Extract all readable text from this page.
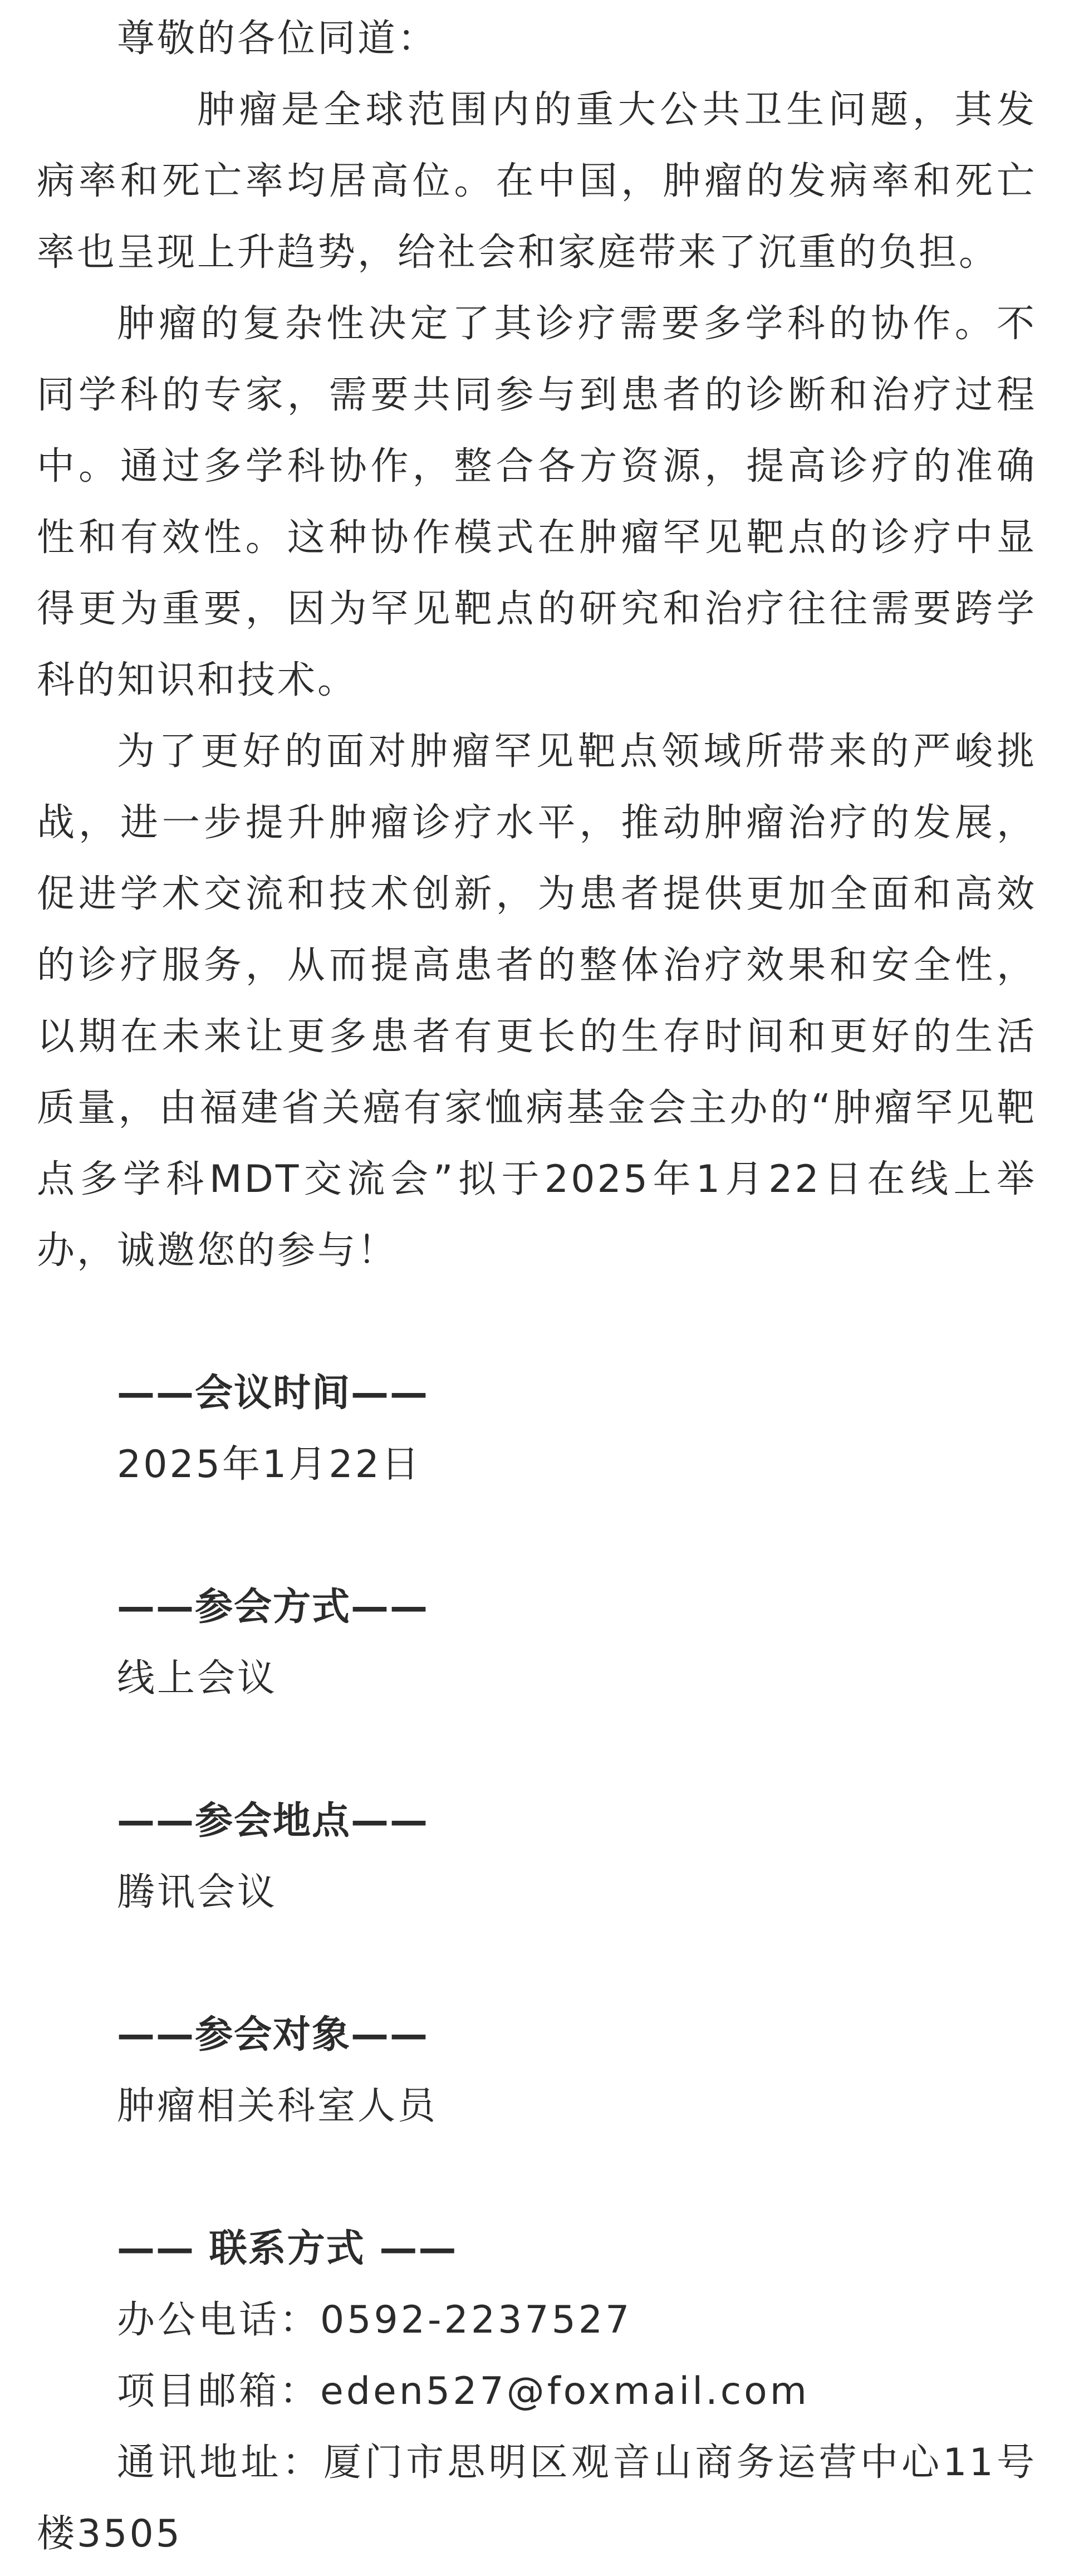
尊敬的各位同道：

肿瘤是全球范围内的重大公共卫生问题，其发病率和死亡率均居高位。在中国，肿瘤的发病率和死亡率也呈现上升趋势，给社会和家庭带来了沉重的负担。

肿瘤的复杂性决定了其诊疗需要多学科的协作。不同学科的专家，需要共同参与到患者的诊断和治疗过程中。通过多学科协作，整合各方资源，提高诊疗的准确性和有效性。这种协作模式在肿瘤罕见靶点的诊疗中显得更为重要，因为罕见靶点的研究和治疗往往需要跨学科的知识和技术。

为了更好的面对肿瘤罕见靶点领域所带来的严峻挑战，进一步提升肿瘤诊疗水平，推动肿瘤治疗的发展，促进学术交流和技术创新，为患者提供更加全面和高效的诊疗服务，从而提高患者的整体治疗效果和安全性，以期在未来让更多患者有更长的生存时间和更好的生活质量，由福建省关癌有家恤病基金会主办的“肿瘤罕见靶点多学科MDT交流会”拟于2025年1月22日在线上举办，诚邀您的参与！

——会议时间——

2025年1月22日

——参会方式——

线上会议

——参会地点——

腾讯会议

——参会对象——

肿瘤相关科室人员

—— 联系方式 ——

办公电话：0592-2237527

项目邮箱：eden527@foxmail.com

通讯地址：厦门市思明区观音山商务运营中心11号楼3505
